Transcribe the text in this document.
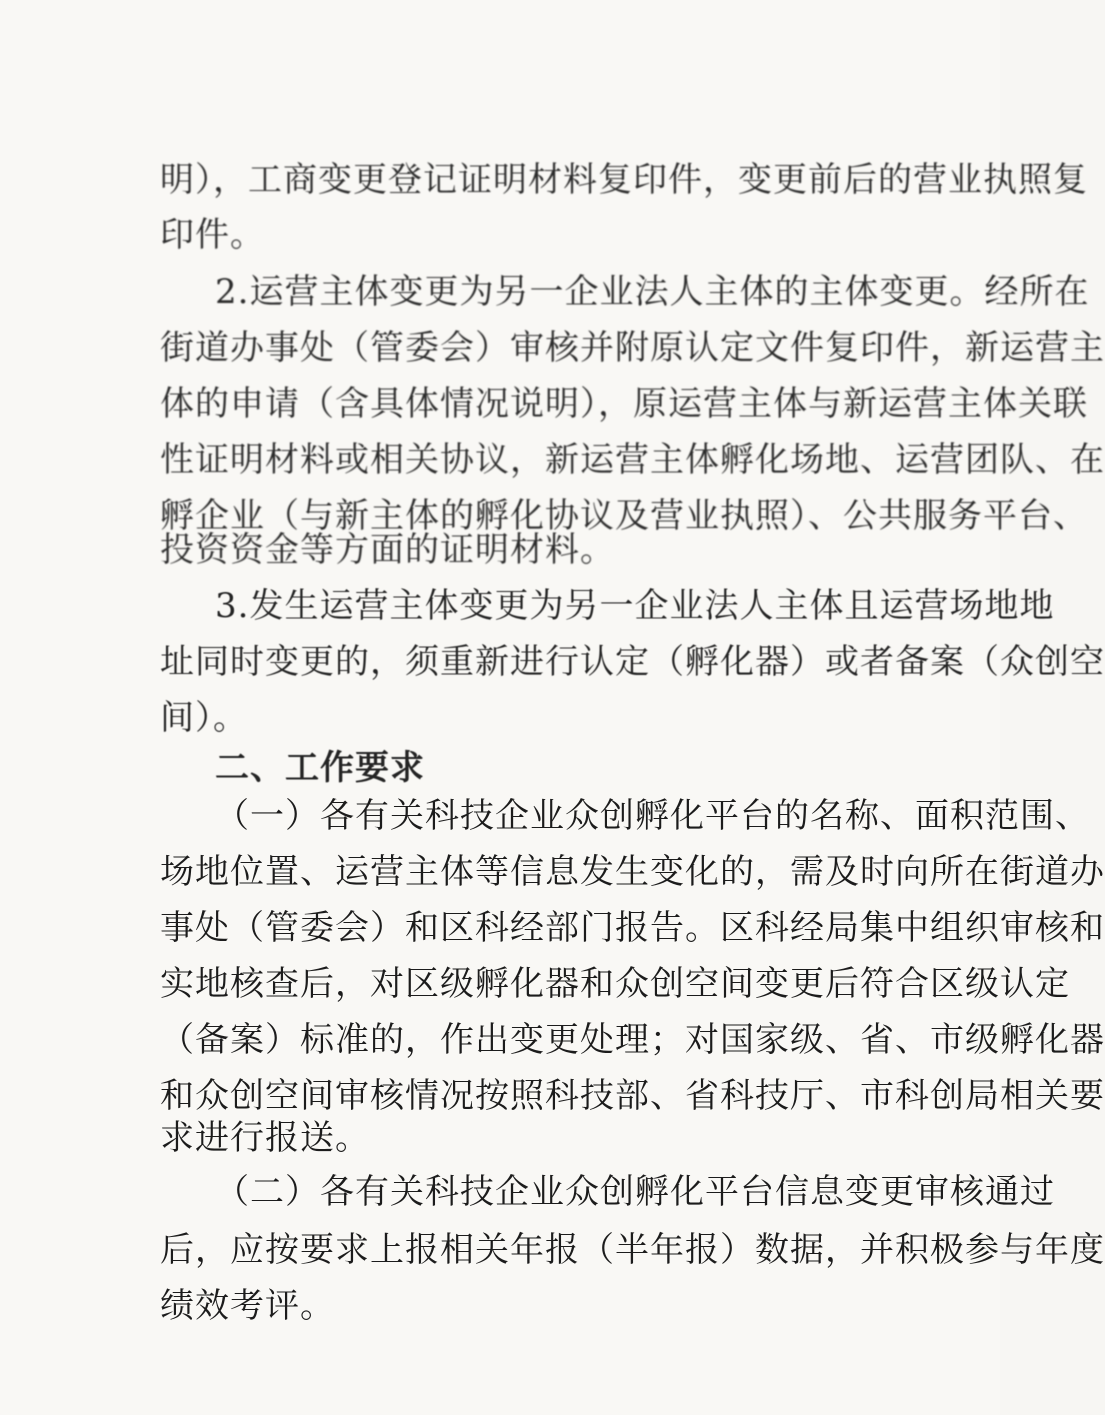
明），工商变更登记证明材料复印件，变更前后的营业执照复

印件。

2.运营主体变更为另一企业法人主体的主体变更。经所在

街道办事处（管委会）审核并附原认定文件复印件，新运营主

体的申请（含具体情况说明），原运营主体与新运营主体关联

性证明材料或相关协议，新运营主体孵化场地、运营团队、在

孵企业（与新主体的孵化协议及营业执照）、公共服务平台、

投资资金等方面的证明材料。

3.发生运营主体变更为另一企业法人主体且运营场地地

址同时变更的，须重新进行认定（孵化器）或者备案（众创空

间）。

二、工作要求

（一）各有关科技企业众创孵化平台的名称、面积范围、

场地位置、运营主体等信息发生变化的，需及时向所在街道办

事处（管委会）和区科经部门报告。区科经局集中组织审核和

实地核查后，对区级孵化器和众创空间变更后符合区级认定

（备案）标准的，作出变更处理；对国家级、省、市级孵化器

和众创空间审核情况按照科技部、省科技厅、市科创局相关要

求进行报送。

（二）各有关科技企业众创孵化平台信息变更审核通过

后，应按要求上报相关年报（半年报）数据，并积极参与年度

绩效考评。
